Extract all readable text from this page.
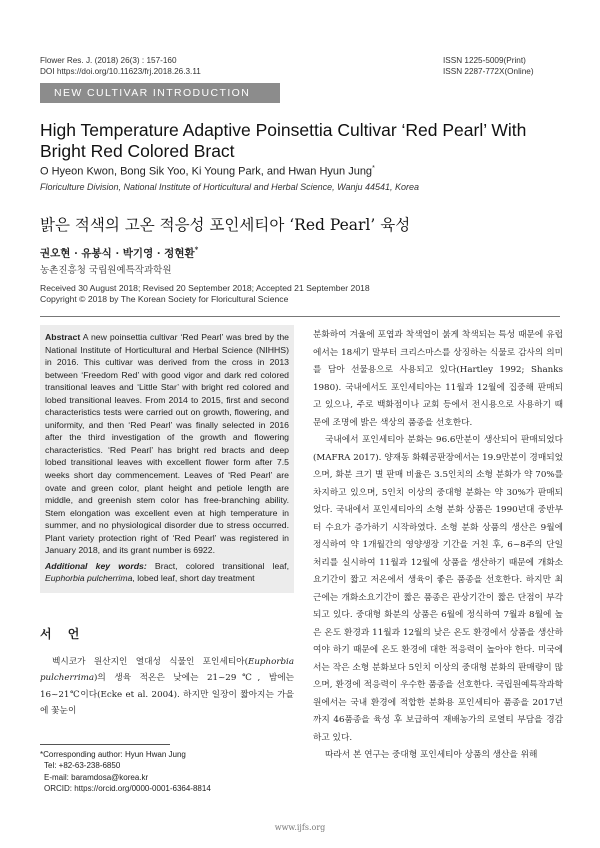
Flower Res. J. (2018) 26(3) : 157-160
DOI https://doi.org/10.11623/frj.2018.26.3.11
ISSN 1225-5009(Print)
ISSN 2287-772X(Online)
NEW CULTIVAR INTRODUCTION
High Temperature Adaptive Poinsettia Cultivar ‘Red Pearl’ With Bright Red Colored Bract
O Hyeon Kwon, Bong Sik Yoo, Ki Young Park, and Hwan Hyun Jung*
Floriculture Division, National Institute of Horticultural and Herbal Science, Wanju 44541, Korea
밝은 적색의 고온 적응성 포인세티아 ‘Red Pearl’ 육성
권오현 · 유봉식 · 박기영 · 정현환*
농촌진흥청 국립원예특작과학원
Received 30 August 2018; Revised 20 September 2018; Accepted 21 September 2018
Copyright © 2018 by The Korean Society for Floricultural Science
Abstract A new poinsettia cultivar ‘Red Pearl’ was bred by the National Institute of Horticultural and Herbal Science (NIHHS) in 2016. This cultivar was derived from the cross in 2013 between ‘Freedom Red’ with good vigor and dark red colored transitional leaves and ‘Little Star’ with bright red colored and lobed transitional leaves. From 2014 to 2015, first and second characteristics tests were carried out on growth, flowering, and uniformity, and then ‘Red Pearl’ was finally selected in 2016 after the third investigation of the growth and flowering characteristics. ‘Red Pearl’ has bright red bracts and deep lobed transitional leaves with excellent flower form after 7.5 weeks short day commencement. Leaves of ‘Red Pearl’ are ovate and green color, plant height and petiole length are middle, and greenish stem color has free-branching ability. Stem elongation was excellent even at high temperature in summer, and no physiological disorder due to stress occurred. Plant variety protection right of ‘Red Pearl’ was registered in January 2018, and its grant number is 6922.
Additional key words: Bract, colored transitional leaf, Euphorbia pulcherrima, lobed leaf, short day treatment
서 언

벡시코가 원산지인 열대성 식물인 포인세티아(Euphorbia pulcherrima)의 생육 적온은 낮에는 21~29℃, 밤에는 16~21℃이다(Ecke et al. 2004). 하지만 일장이 짧아지는 가을에 꽃눈이

*Corresponding author: Hyun Hwan Jung
Tel: +82-63-238-6850
E-mail: baramdosa@korea.kr
ORCID: https://orcid.org/0000-0001-6364-8814

분화하여 겨울에 포엽과 착색엽이 붉게 착색되는 특성 때문에 유럽에서는 18세기 말부터 크리스마스를 상징하는 식물로 감사의 의미를 담아 선물용으로 사용되고 있다(Hartley 1992; Shanks 1980). 국내에서도 포인세티아는 11월과 12월에 집중해 판매되고 있으나, 주로 백화점이나 교회 등에서 전시용으로 사용하기 때문에 조명에 밝은 색상의 품종을 선호한다.

국내에서 포인세티아 분화는 96.6만분이 생산되어 판매되었다(MAFRA 2017). 양재동 화훼공판장에서는 19.9만분이 경매되었으며, 화분 크기 별 판매 비율은 3.5인치의 소형 분화가 약 70%를 차지하고 있으며, 5인치 이상의 중대형 분화는 약 30%가 판매되었다. 국내에서 포인세티아의 소형 분화 상품은 1990년대 중반부터 수요가 증가하기 시작하였다. 소형 분화 상품의 생산은 9월에 정식하여 약 1개월간의 영양생장 기간을 거친 후, 6~8주의 단일처리를 실시하여 11월과 12월에 상품을 생산하기 때문에 개화소요기간이 짧고 저온에서 생육이 좋은 품종을 선호한다. 하지만 최근에는 개화소요기간이 짧은 품종은 관상기간이 짧은 단점이 부각되고 있다. 중대형 화분의 상품은 6월에 정식하여 7월과 8월에 높은 온도 환경과 11월과 12월의 낮은 온도 환경에서 상품을 생산하여야 하기 때문에 온도 환경에 대한 적응력이 높아야 한다. 미국에서는 작은 소형 분화보다 5인치 이상의 중대형 분화의 판매량이 많으며, 환경에 적응력이 우수한 품종을 선호한다. 국립원예특작과학원에서는 국내 환경에 적합한 분화용 포인세티아 품종을 2017년까지 46품종을 육성 후 보급하여 재배농가의 로열티 부담을 경감하고 있다.

따라서 본 연구는 중대형 포인세티아 상품의 생산을 위해

www.ijfs.org
